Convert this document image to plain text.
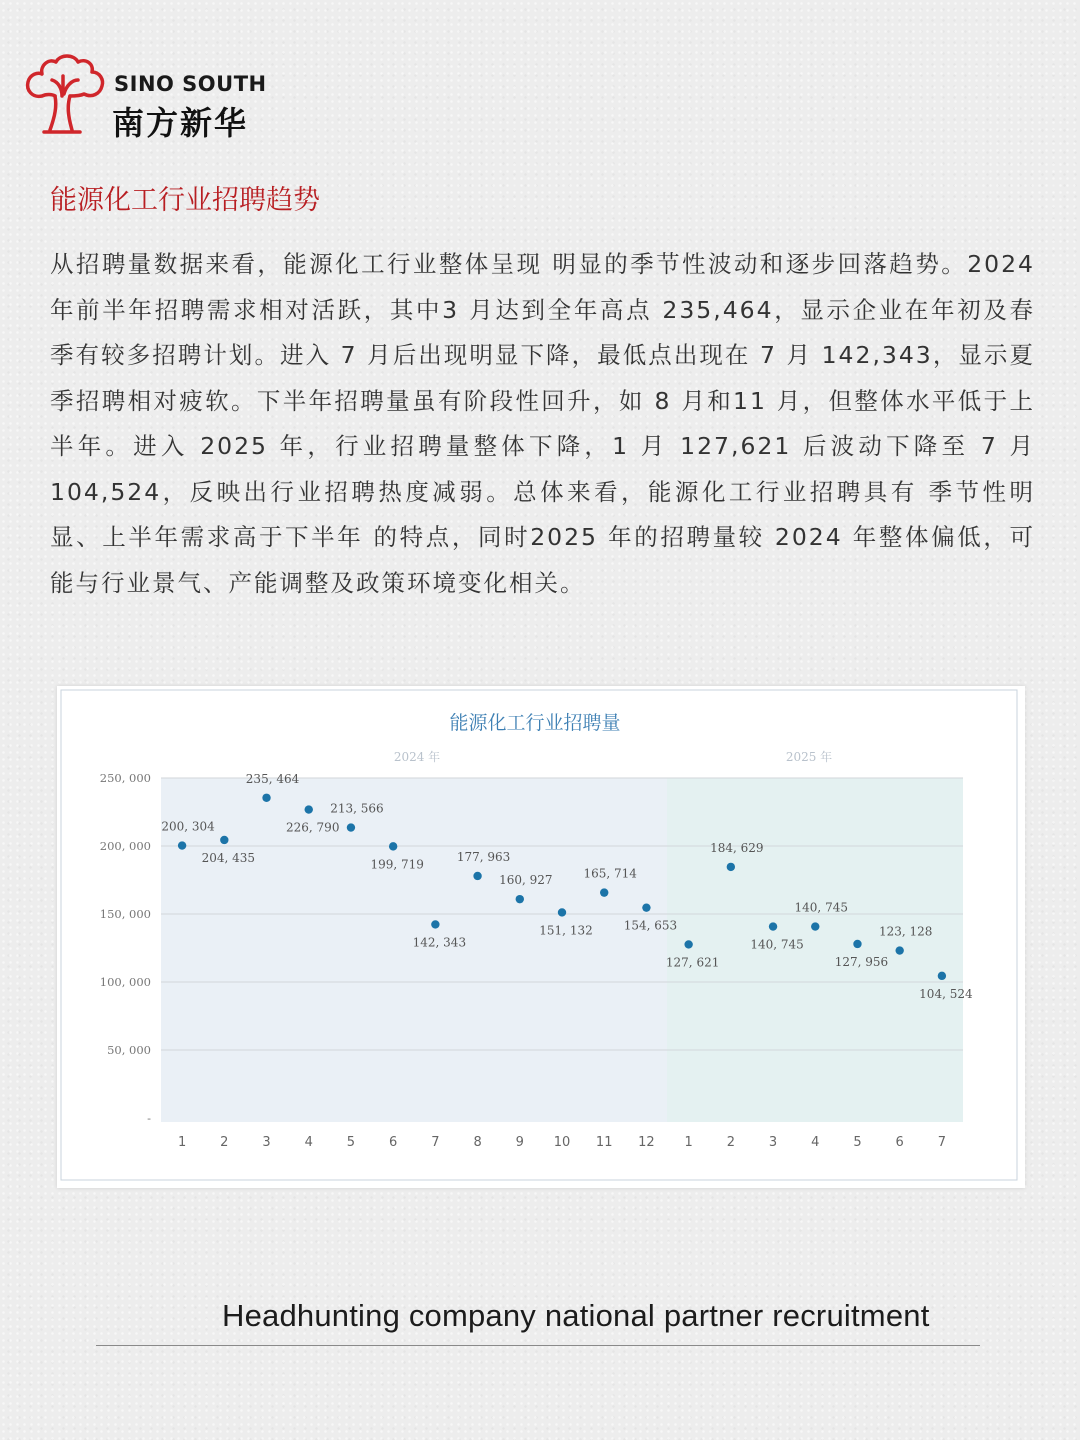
SINO SOUTH
南方新华
能源化工行业招聘趋势
从招聘量数据来看，能源化工行业整体呈现 明显的季节性波动和逐步回落趋势。2024 年前半年招聘需求相对活跃，其中3 月达到全年高点 235,464，显示企业在年初及春季有较多招聘计划。进入 7 月后出现明显下降，最低点出现在 7 月 142,343，显示夏季招聘相对疲软。下半年招聘量虽有阶段性回升，如 8 月和11 月，但整体水平低于上半年。进入 2025 年，行业招聘量整体下降，1 月 127,621 后波动下降至 7 月104,524，反映出行业招聘热度减弱。总体来看，能源化工行业招聘具有 季节性明显、上半年需求高于下半年 的特点，同时2025 年的招聘量较 2024 年整体偏低，可能与行业景气、产能调整及政策环境变化相关。
能源化工行业招聘量
2024 年	2025 年
-
50, 000
100, 000
150, 000
200, 000
250, 000
1	2	3	4	5	6	7	8	9 10 11 12 1	2	3	4	5	6	7
200, 304
204, 435
235, 464
226, 790
213, 566
199, 719
142, 343
177, 963
160, 927
151, 132
165, 714
154, 653
127, 621
184, 629
140, 745
140, 745
127, 956
123, 128
104, 524
Headhunting company national partner recruitment
